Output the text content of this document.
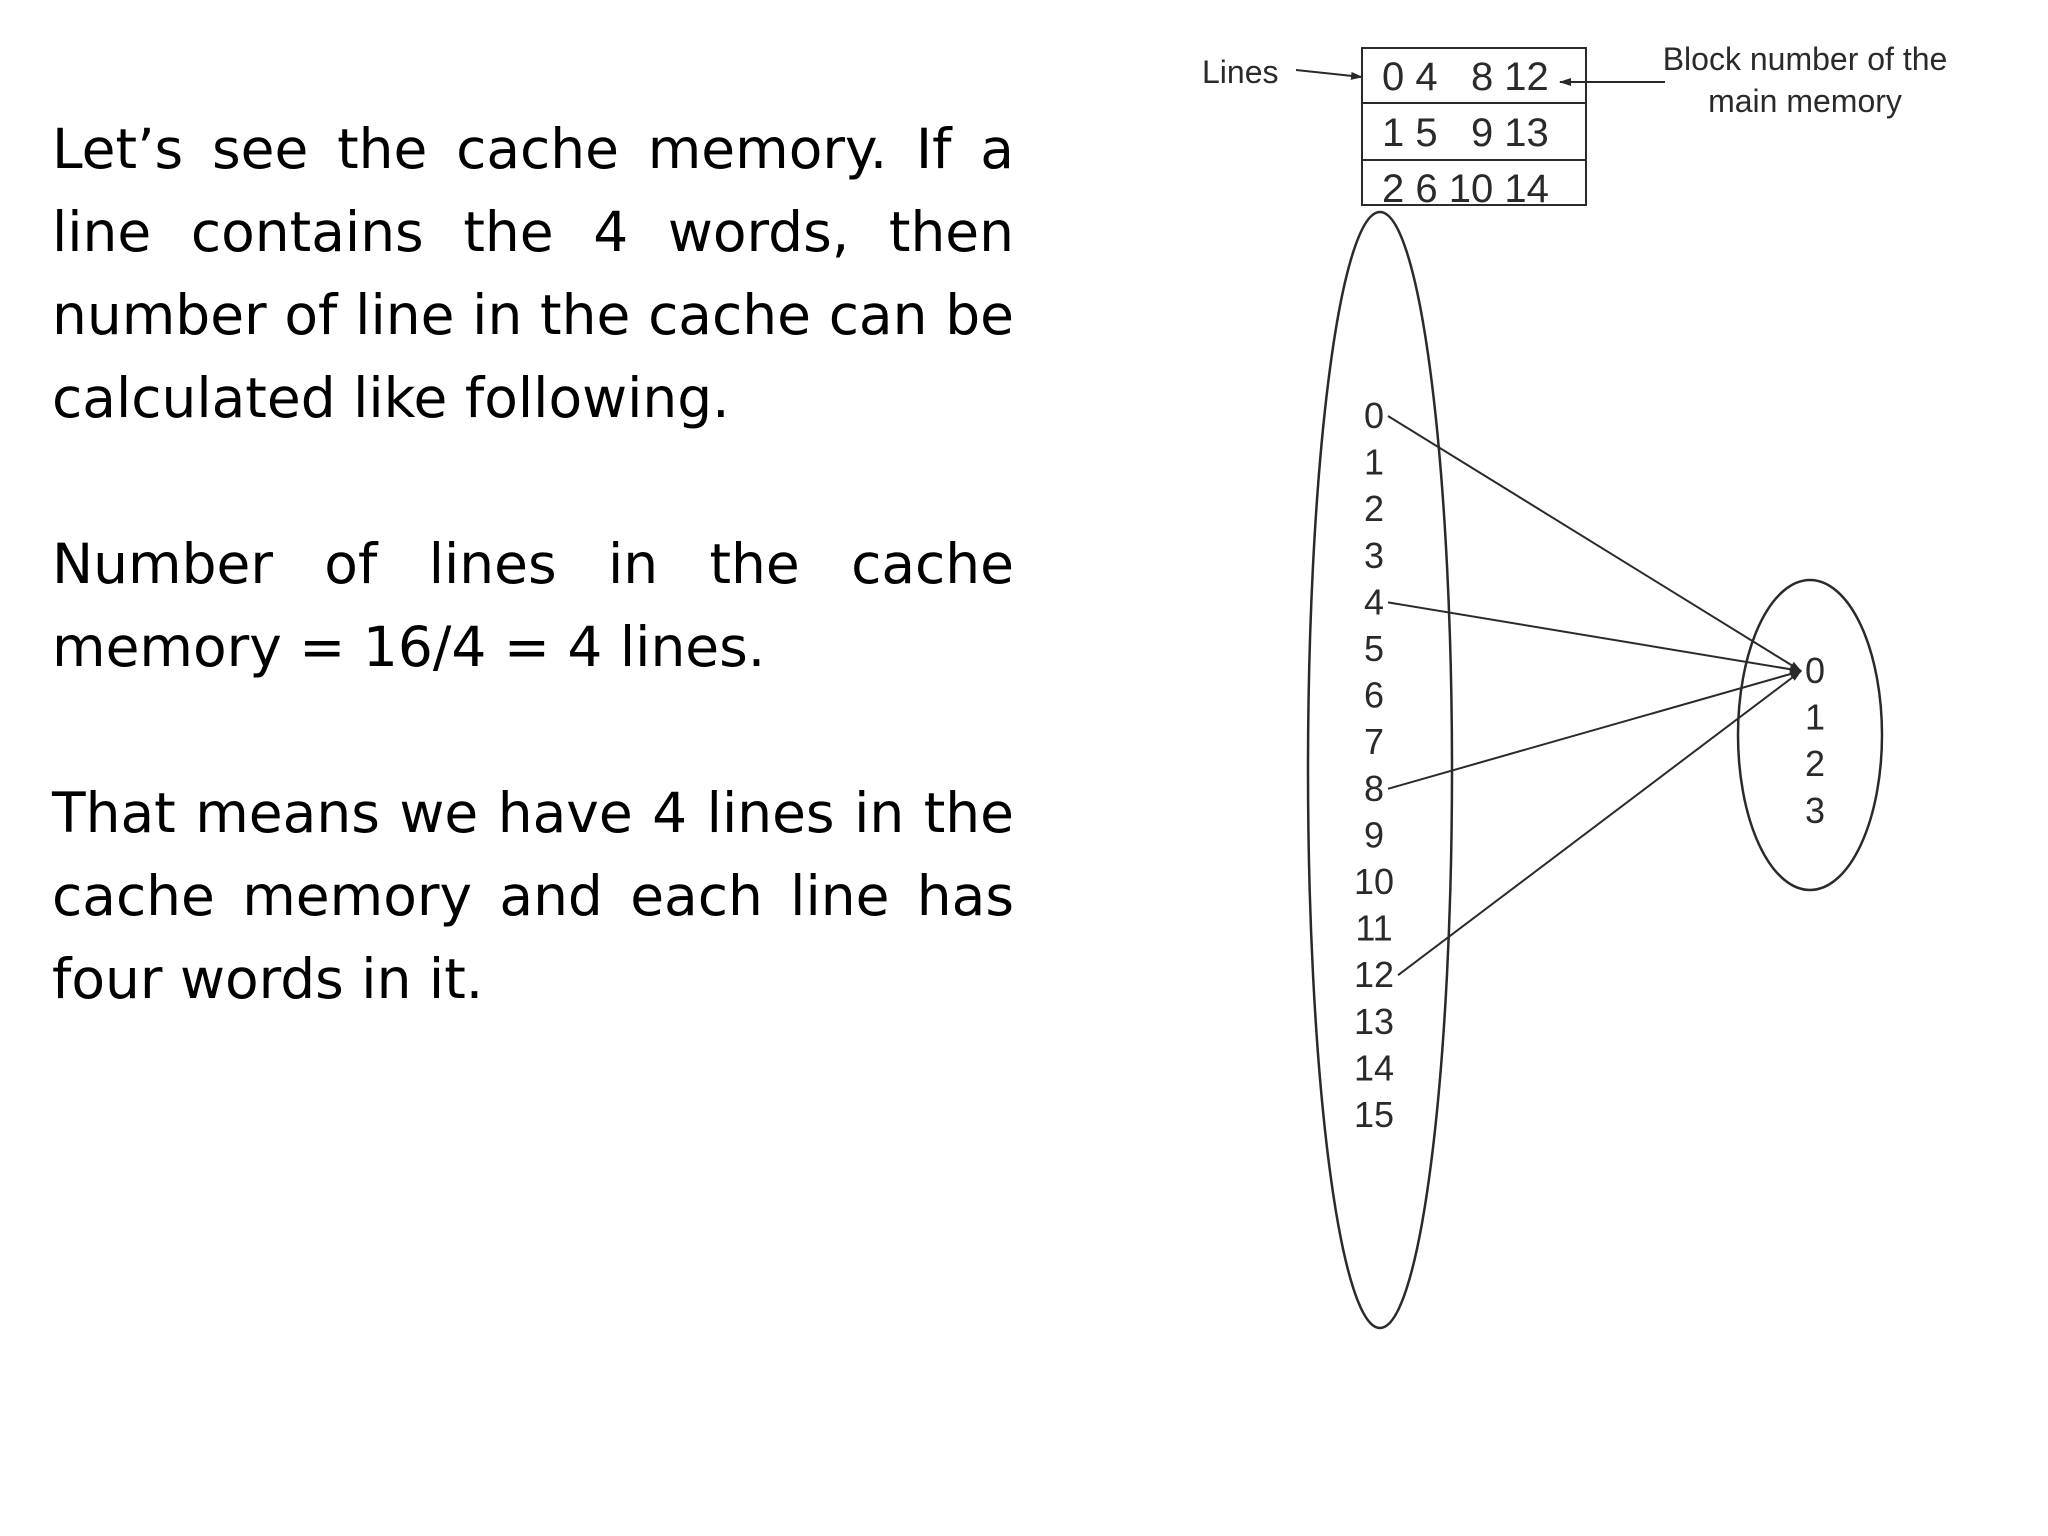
Let’s see the cache memory. If a line contains the 4 words, then number of line in the cache can be calculated like following.

Number of lines in the cache memory = 16/4 = 4 lines.

That means we have 4 lines in the cache memory and each line has four words in it.

0 4   8 12
1 5   9 13
2 6 10 14
Lines	Block number of the
main memory
0
1
2
3
4
5
6
7
8
9
10
11
12
13
14
15
0
1
2
3
